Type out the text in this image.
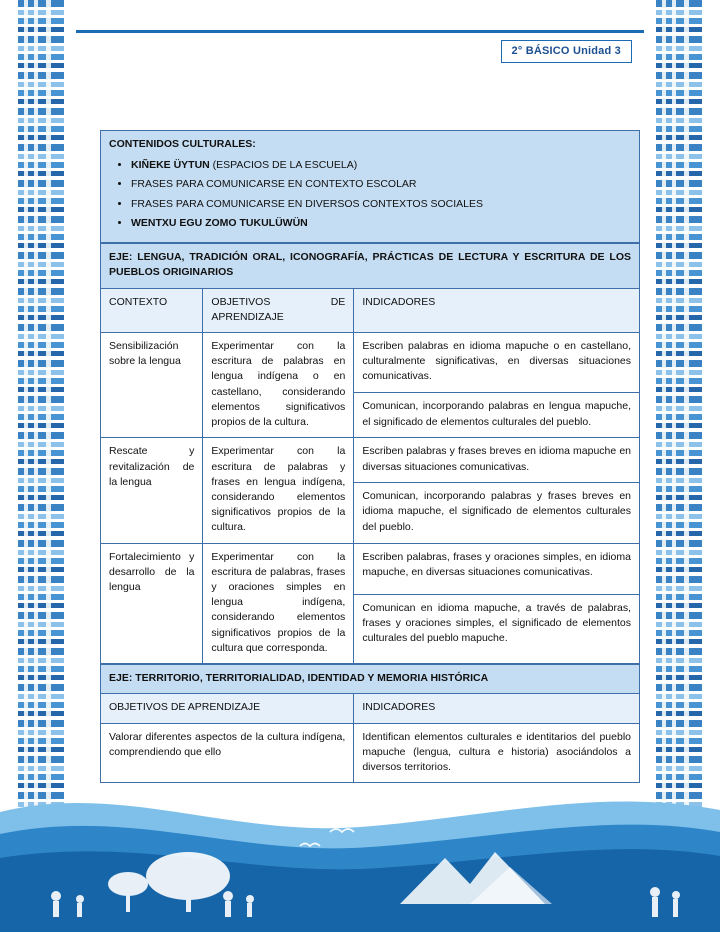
2° BÁSICO Unidad 3
CONTENIDOS CULTURALES:
• KIÑEKE ÜYTUN (ESPACIOS DE LA ESCUELA)
• FRASES PARA COMUNICARSE EN CONTEXTO ESCOLAR
• FRASES PARA COMUNICARSE EN DIVERSOS CONTEXTOS SOCIALES
• WENTXU EGU ZOMO TUKULÜWÜN
EJE: LENGUA, TRADICIÓN ORAL, ICONOGRAFÍA, PRÁCTICAS DE LECTURA Y ESCRITURA DE LOS PUEBLOS ORIGINARIOS		
CONTEXTO	OBJETIVOS DE APRENDIZAJE	INDICADORES
Sensibilización sobre la lengua	Experimentar con la escritura de palabras en lengua indígena o en castellano, considerando elementos significativos propios de la cultura.	Escriben palabras en idioma mapuche o en castellano, culturalmente significativas, en diversas situaciones comunicativas.
		Comunican, incorporando palabras en lengua mapuche, el significado de elementos culturales del pueblo.
Rescate y revitalización de la lengua	Experimentar con la escritura de palabras y frases en lengua indígena, considerando elementos significativos propios de la cultura.	Escriben palabras y frases breves en idioma mapuche en diversas situaciones comunicativas.
		Comunican, incorporando palabras y frases breves en idioma mapuche, el significado de elementos culturales del pueblo.
Fortalecimiento y desarrollo de la lengua	Experimentar con la escritura de palabras, frases y oraciones simples en lengua indígena, considerando elementos significativos propios de la cultura que corresponda.	Escriben palabras, frases y oraciones simples, en idioma mapuche, en diversas situaciones comunicativas.
		Comunican en idioma mapuche, a través de palabras, frases y oraciones simples, el significado de elementos culturales del pueblo mapuche.
EJE: TERRITORIO, TERRITORIALIDAD, IDENTIDAD Y MEMORIA HISTÓRICA	
OBJETIVOS DE APRENDIZAJE	INDICADORES
Valorar diferentes aspectos de la cultura indígena, comprendiendo que ello	Identifican elementos culturales e identitarios del pueblo mapuche (lengua, cultura e historia) asociándolos a diversos territorios.
